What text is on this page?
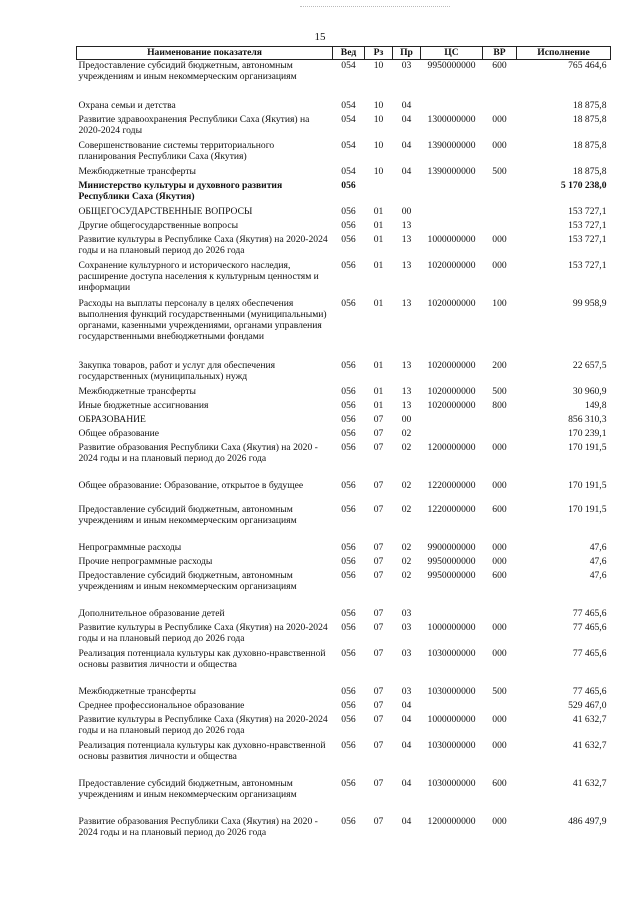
15
Наименование показателя	Вед	Рз	Пр	ЦС	ВР	Исполнение
Предоставление субсидий бюджетным, автономным учреждениям и иным некоммерческим организациям	054	10	03	9950000000	600	765 464,6
Охрана семьи и детства	054	10	04			18 875,8
Развитие здравоохранения Республики Саха (Якутия) на 2020-2024 годы	054	10	04	1300000000	000	18 875,8
Совершенствование системы территориального планирования Республики Саха (Якутия)	054	10	04	1390000000	000	18 875,8
Межбюджетные трансферты	054	10	04	1390000000	500	18 875,8
Министерство культуры и духовного развития Республики Саха (Якутия)	056					5 170 238,0
ОБЩЕГОСУДАРСТВЕННЫЕ ВОПРОСЫ	056	01	00			153 727,1
Другие общегосударственные вопросы	056	01	13			153 727,1
Развитие культуры в Республике Саха (Якутия) на 2020-2024 годы и на плановый период до 2026 года	056	01	13	1000000000	000	153 727,1
Сохранение культурного и исторического наследия, расширение доступа населения к культурным ценностям и информации	056	01	13	1020000000	000	153 727,1
Расходы на выплаты персоналу в целях обеспечения выполнения функций государственными (муниципальными) органами, казенными учреждениями, органами управления государственными внебюджетными фондами	056	01	13	1020000000	100	99 958,9
Закупка товаров, работ и услуг для обеспечения государственных (муниципальных) нужд	056	01	13	1020000000	200	22 657,5
Межбюджетные трансферты	056	01	13	1020000000	500	30 960,9
Иные бюджетные ассигнования	056	01	13	1020000000	800	149,8
ОБРАЗОВАНИЕ	056	07	00			856 310,3
Общее образование	056	07	02			170 239,1
Развитие образования Республики Саха (Якутия) на 2020 - 2024 годы и на плановый период до 2026 года	056	07	02	1200000000	000	170 191,5
Общее образование: Образование, открытое в будущее	056	07	02	1220000000	000	170 191,5
Предоставление субсидий бюджетным, автономным учреждениям и иным некоммерческим организациям	056	07	02	1220000000	600	170 191,5
Непрограммные расходы	056	07	02	9900000000	000	47,6
Прочие непрограммные расходы	056	07	02	9950000000	000	47,6
Предоставление субсидий бюджетным, автономным учреждениям и иным некоммерческим организациям	056	07	02	9950000000	600	47,6
Дополнительное образование детей	056	07	03			77 465,6
Развитие культуры в Республике Саха (Якутия) на 2020-2024 годы и на плановый период до 2026 года	056	07	03	1000000000	000	77 465,6
Реализация потенциала культуры как духовно-нравственной основы развития личности и общества	056	07	03	1030000000	000	77 465,6
Межбюджетные трансферты	056	07	03	1030000000	500	77 465,6
Среднее профессиональное образование	056	07	04			529 467,0
Развитие культуры в Республике Саха (Якутия) на 2020-2024 годы и на плановый период до 2026 года	056	07	04	1000000000	000	41 632,7
Реализация потенциала культуры как духовно-нравственной основы развития личности и общества	056	07	04	1030000000	000	41 632,7
Предоставление субсидий бюджетным, автономным учреждениям и иным некоммерческим организациям	056	07	04	1030000000	600	41 632,7
Развитие образования Республики Саха (Якутия) на 2020 - 2024 годы и на плановый период до 2026 года	056	07	04	1200000000	000	486 497,9
